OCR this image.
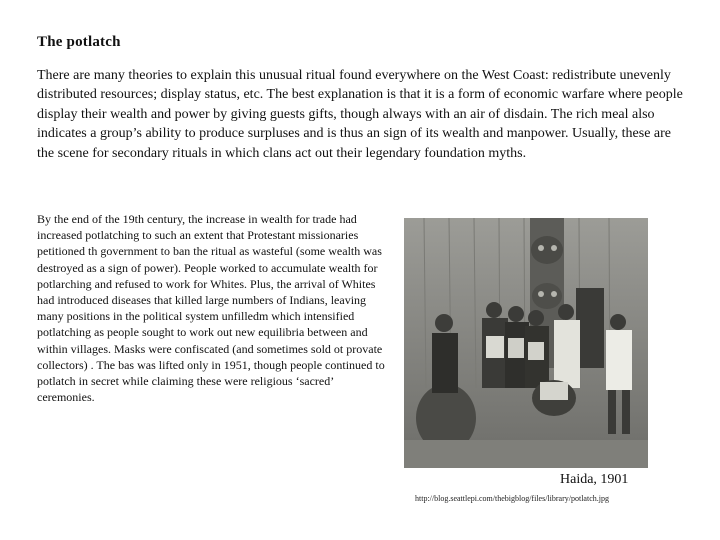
The potlatch

There are many theories to explain this unusual ritual found everywhere on the West Coast: redistribute unevenly distributed resources; display status, etc. The best explanation is that it is a form of economic warfare where people display their wealth and power by giving guests gifts, though always with an air of disdain. The rich meal also indicates a group’s ability to produce surpluses and is thus an sign of its wealth and manpower. Usually, these are the scene for secondary rituals in which clans act out their legendary foundation myths.

By the end of the 19th century, the increase in wealth for trade had increased potlatching to such an extent that Protestant missionaries petitioned th government to ban the ritual as wasteful (some wealth was destroyed as a sign of power). People worked to accumulate wealth for potlarching and refused to work for Whites. Plus, the arrival of Whites had introduced diseases that killed large numbers of Indians, leaving many positions in the political system unfilledm which intensified potlatching as people sought to work out new equilibria between and within villages. Masks were confiscated (and sometimes sold ot provate collectors) . The bas was lifted only in 1951, though people continued to potlatch in secret while claiming these were religious ‘sacred’ ceremonies.

Haida, 1901
http://blog.seattlepi.com/thebigblog/files/library/potlatch.jpg
